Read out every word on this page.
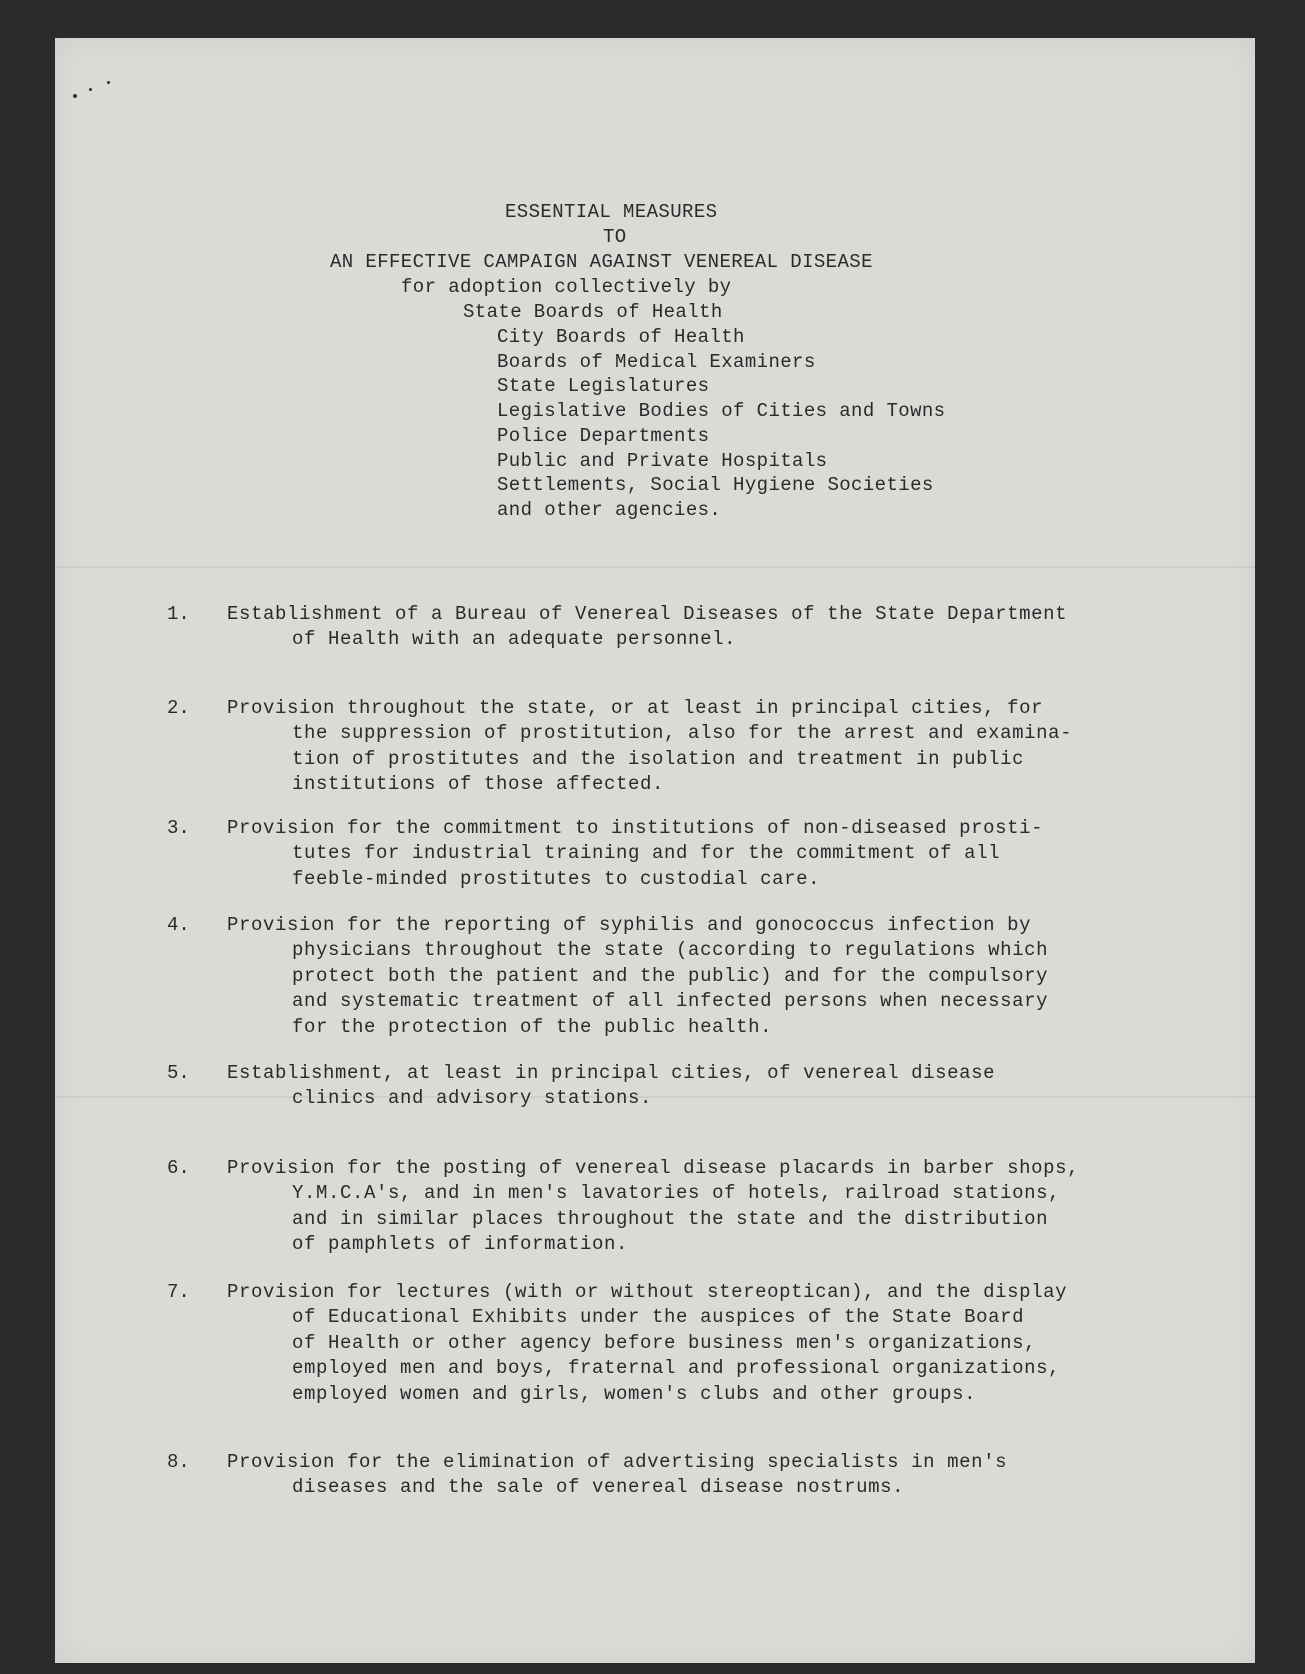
ESSENTIAL MEASURES

TO

AN EFFECTIVE CAMPAIGN AGAINST VENEREAL DISEASE

for adoption collectively by

State Boards of Health

City Boards of Health

Boards of Medical Examiners

State Legislatures

Legislative Bodies of Cities and Towns

Police Departments

Public and Private Hospitals

Settlements, Social Hygiene Societies

and other agencies.

1. Establishment of a Bureau of Venereal Diseases of the State Department

of Health with an adequate personnel.

2. Provision throughout the state, or at least in principal cities, for

the suppression of prostitution, also for the arrest and examina-

tion of prostitutes and the isolation and treatment in public

institutions of those affected.

3. Provision for the commitment to institutions of non-diseased prosti-

tutes for industrial training and for the commitment of all

feeble-minded prostitutes to custodial care.

4. Provision for the reporting of syphilis and gonococcus infection by

physicians throughout the state (according to regulations which

protect both the patient and the public) and for the compulsory

and systematic treatment of all infected persons when necessary

for the protection of the public health.

5. Establishment, at least in principal cities, of venereal disease

clinics and advisory stations.

6. Provision for the posting of venereal disease placards in barber shops,

Y.M.C.A's, and in men's lavatories of hotels, railroad stations,

and in similar places throughout the state and the distribution

of pamphlets of information.

7. Provision for lectures (with or without stereoptican), and the display

of Educational Exhibits under the auspices of the State Board

of Health or other agency before business men's organizations,

employed men and boys, fraternal and professional organizations,

employed women and girls, women's clubs and other groups.

8. Provision for the elimination of advertising specialists in men's

diseases and the sale of venereal disease nostrums.
